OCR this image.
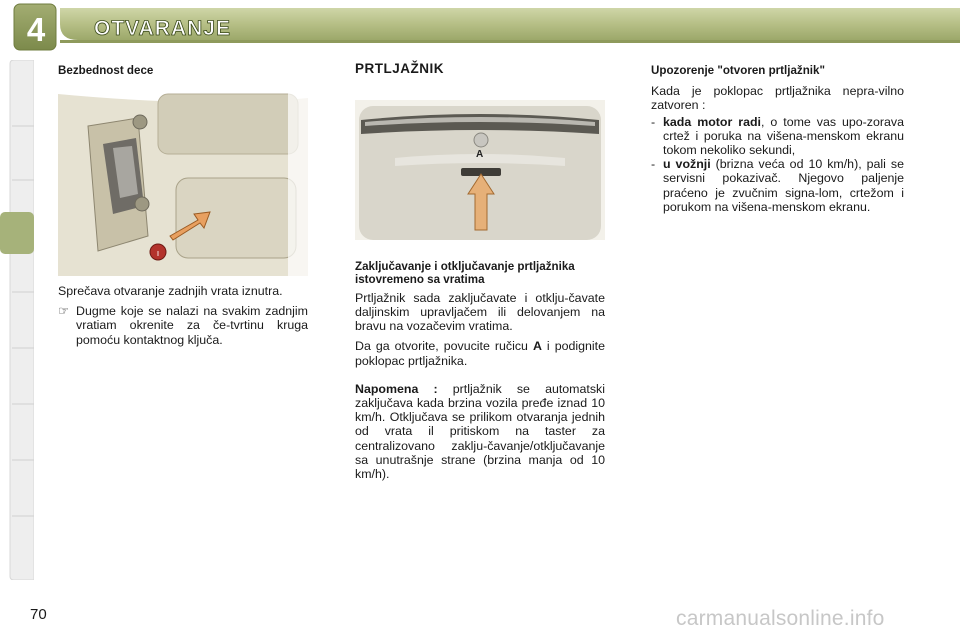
4 OTVARANJE
Bezbednost dece
ı

Sprečava otvaranje zadnjih vrata iznutra.

☞ Dugme koje se nalazi na svakim zadnjim vratiam okrenite za če-tvrtinu kruga pomoću kontaktnog ključa.
PRTLJAŽNIK
A
Zaključavanje i otključavanje prtljažnika istovremeno sa vratima

Prtljažnik sada zaključavate i otklju-čavate daljinskim upravljačem ili delovanjem na bravu na vozačevim vratima.

Da ga otvorite, povucite ručicu A i podignite poklopac prtljažnika.

Napomena : prtljažnik se automatski zaključava kada brzina vozila pređe iznad 10 km/h. Otključava se prilikom otvaranja jednih od vrata il pritiskom na taster za centralizovano zaklju-čavanje/otključavanje sa unutrašnje strane (brzina manja od 10 km/h).

Upozorenje "otvoren prtljažnik"

Kada je poklopac prtljažnika nepra-vilno zatvoren :

- kada motor radi, o tome vas upo-zorava crtež i poruka na višena-menskom ekranu tokom nekoliko sekundi,
- u vožnji (brizna veća od 10 km/h), pali se servisni pokazivač. Njegovo paljenje praćeno je zvučnim signa-lom, crtežom i porukom na višena-menskom ekranu.
70	carmanualsonline.info
